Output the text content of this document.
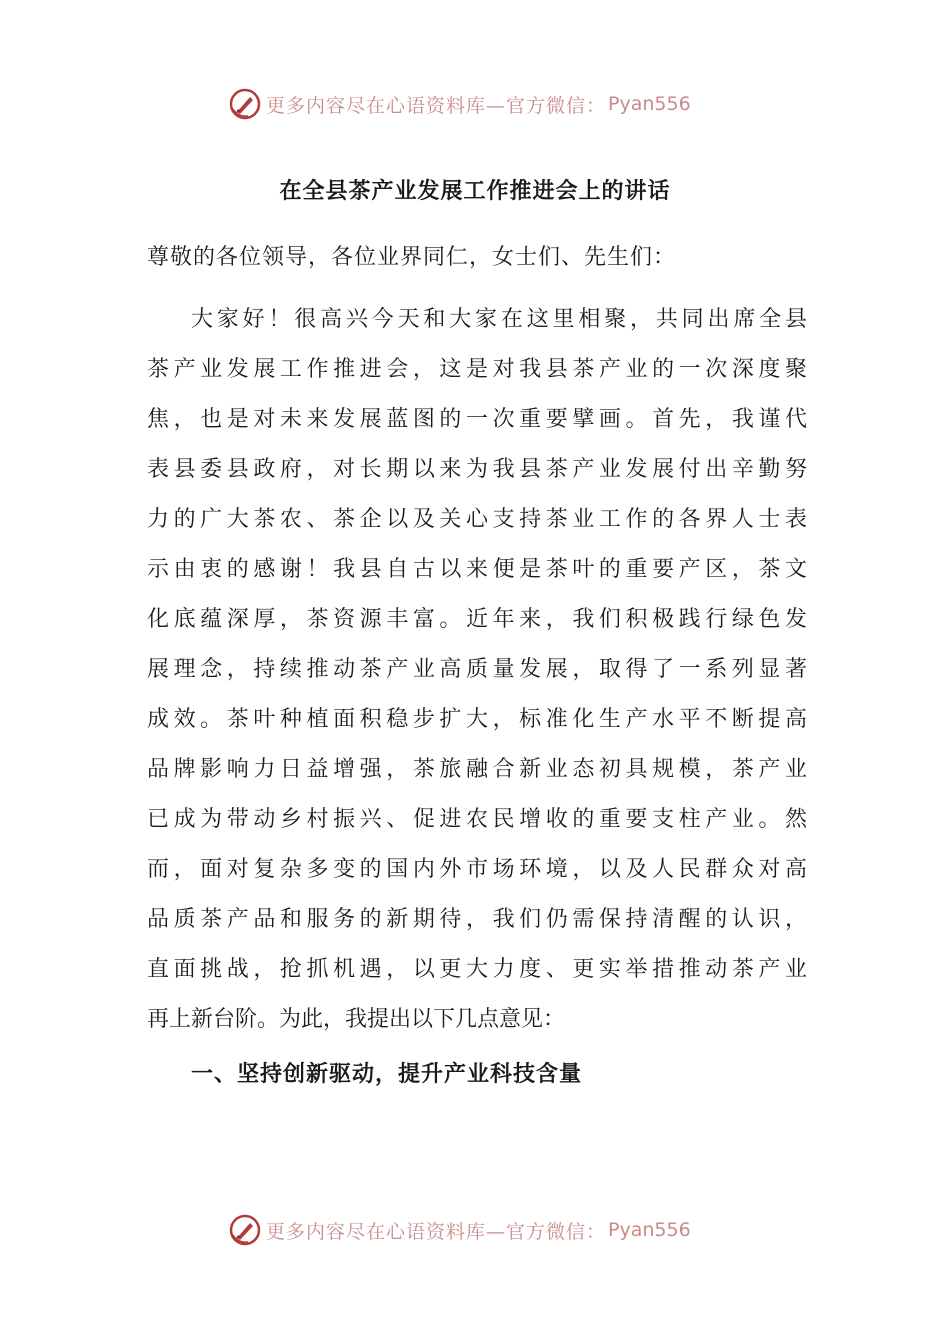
更多内容尽在心语资料库—官方微信： Pyan556
在全县茶产业发展工作推进会上的讲话
尊敬的各位领导，各位业界同仁，女士们、先生们：
大家好！很高兴今天和大家在这里相聚，共同出席全县
茶产业发展工作推进会，这是对我县茶产业的一次深度聚
焦，也是对未来发展蓝图的一次重要擘画。首先，我谨代
表县委县政府，对长期以来为我县茶产业发展付出辛勤努
力的广大茶农、茶企以及关心支持茶业工作的各界人士表
示由衷的感谢！我县自古以来便是茶叶的重要产区，茶文
化底蕴深厚，茶资源丰富。近年来，我们积极践行绿色发
展理念，持续推动茶产业高质量发展，取得了一系列显著
成效。茶叶种植面积稳步扩大，标准化生产水平不断提高
品牌影响力日益增强，茶旅融合新业态初具规模，茶产业
已成为带动乡村振兴、促进农民增收的重要支柱产业。然
而，面对复杂多变的国内外市场环境，以及人民群众对高
品质茶产品和服务的新期待，我们仍需保持清醒的认识，
直面挑战，抢抓机遇，以更大力度、更实举措推动茶产业
再上新台阶。为此，我提出以下几点意见：
一、坚持创新驱动，提升产业科技含量
更多内容尽在心语资料库—官方微信： Pyan556
